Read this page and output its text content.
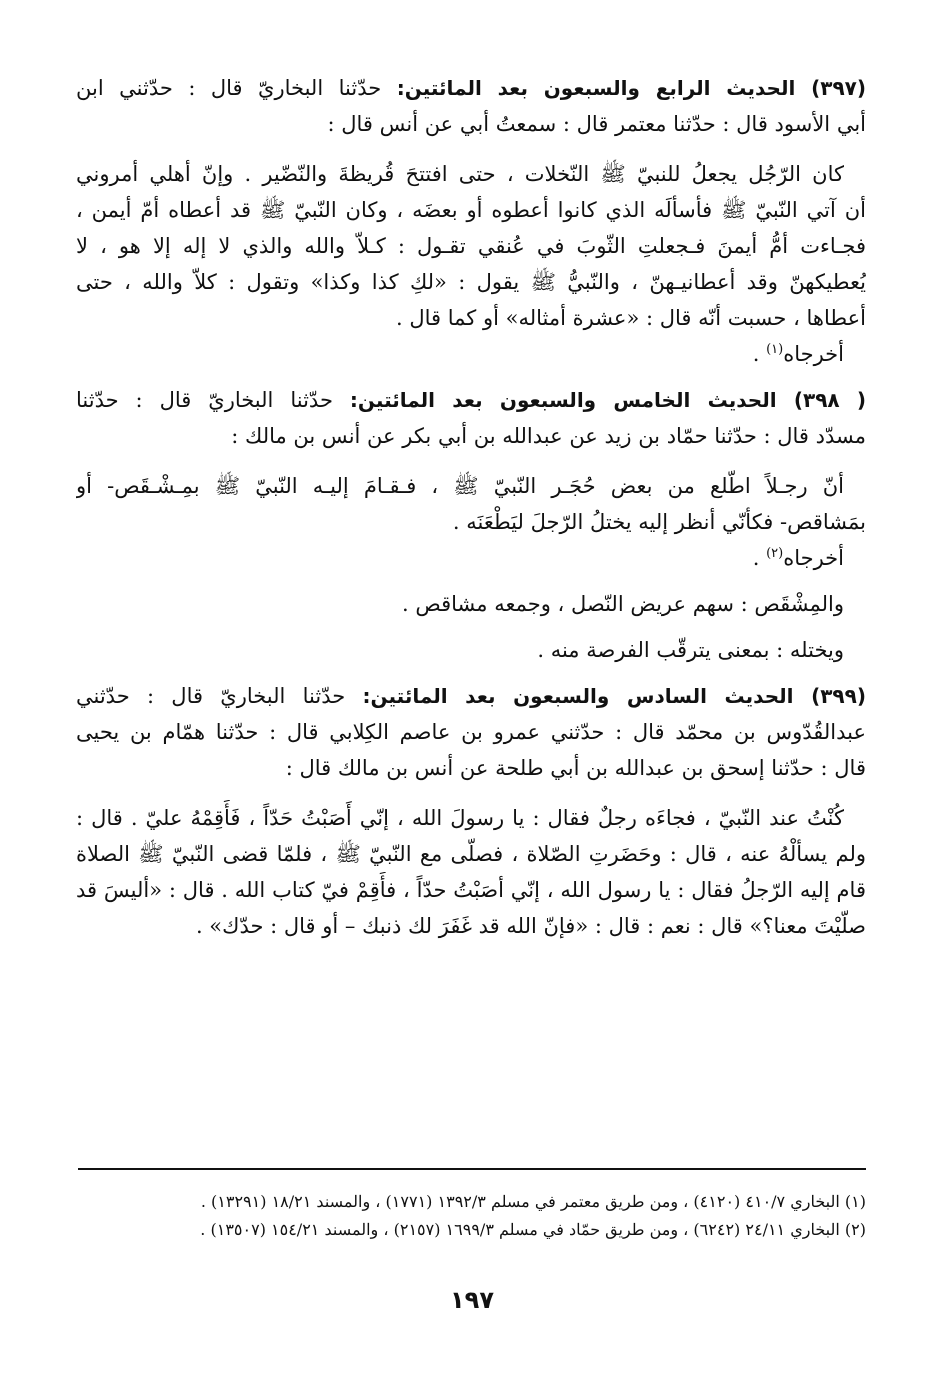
(٣٩٧) الحديث الرابع والسبعون بعد المائتين: حدّثنا البخاريّ قال : حدّثني ابن
أبي الأسود قال : حدّثنا معتمر قال : سمعتُ أبي عن أنس قال :
كان الرّجُل يجعلُ للنبيّ ﷺ النّخلات ، حتى افتتحَ قُريظةَ والنّضّير . وإنّ أهلي أمروني
أن آتي النّبيّ ﷺ فأسألَه الذي كانوا أعطوه أو بعضَه ، وكان النّبيّ ﷺ قد أعطاه أمّ أيمن ،
فجـاءت أمُّ أيمنَ فـجعلتِ الثّوبَ في عُنقي تقـول : كـلاّ والله والذي لا إله إلا هو ، لا
يُعطيكهنّ وقد أعطانيـهنّ ، والنّبيُّ ﷺ يقول : «لكِ كذا وكذا» وتقول : كلاّ والله ، حتى
أعطاها ، حسبت أنّه قال : «عشرة أمثاله» أو كما قال .
أخرجاه$^{(١)}$ .
( ٣٩٨) الحديث الخامس والسبعون بعد المائتين: حدّثنا البخاريّ قال : حدّثنا
مسدّد قال : حدّثنا حمّاد بن زيد عن عبدالله بن أبي بكر عن أنس بن مالك :
أنّ رجـلاً اطّلع من بعض حُجَـر النّبيّ ﷺ ، فـقـامَ إليـه النّبيّ ﷺ بمِـشْـقَص- أو
بمَشاقص- فكأنّي أنظر إليه يختلُ الرّجلَ ليَطْعَنَه .
أخرجاه$^{(٢)}$ .
والمِشْقَص : سهم عريض النّصل ، وجمعه مشاقص .
ويختله : بمعنى يترقّب الفرصة منه .
(٣٩٩) الحديث السادس والسبعون بعد المائتين: حدّثنا البخاريّ قال : حدّثني
عبدالقُدّوس بن محمّد قال : حدّثني عمرو بن عاصم الكِلابي قال : حدّثنا همّام بن يحيى
قال : حدّثنا إسحق بن عبدالله بن أبي طلحة عن أنس بن مالك قال :
كُنْتُ عند النّبيّ ، فجاءَه رجلٌ فقال : يا رسولَ الله ، إنّي أَصَبْتُ حَدّاً ، فَأَقِمْهُ عليّ . قال :
ولم يسألْهُ عنه ، قال : وحَضَرتِ الصّلاة ، فصلّى مع النّبيّ ﷺ ، فلمّا قضى النّبيّ ﷺ الصلاة
قام إليه الرّجلُ فقال : يا رسول الله ، إنّي أصَبْتُ حدّاً ، فأَقِمْ فيّ كتاب الله . قال : «أليسَ قد
صلّيْتَ معنا؟» قال : نعم : قال : «فإنّ الله قد غَفَرَ لك ذنبك – أو قال : حدّك» .
(١) البخاري ٤١٠/٧ (٤١٢٠) ، ومن طريق معتمر في مسلم ١٣٩٢/٣ (١٧٧١) ، والمسند ١٨/٢١ (١٣٢٩١) .
(٢) البخاري ٢٤/١١ (٦٢٤٢) ، ومن طريق حمّاد في مسلم ١٦٩٩/٣ (٢١٥٧) ، والمسند ١٥٤/٢١ (١٣٥٠٧) .
١٩٧
